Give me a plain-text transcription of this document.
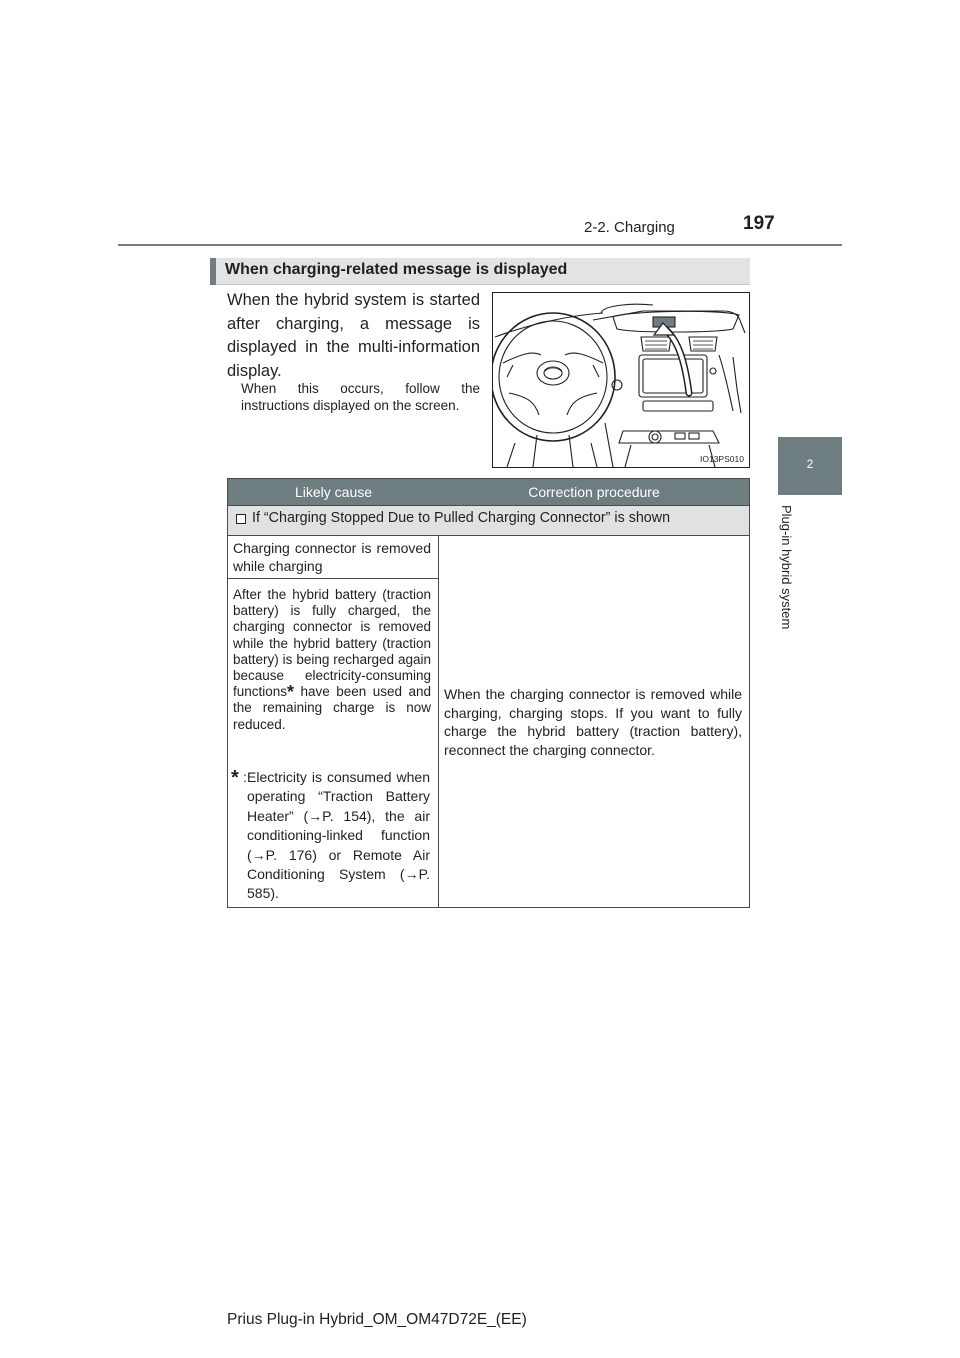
2-2. Charging	197
2
Plug-in hybrid system
When charging-related message is displayed
When the hybrid system is started after charging, a message is displayed in the multi-information display.
When this occurs, follow the instructions displayed on the screen.
IO13PS010
Likely cause	Correction procedure
If “Charging Stopped Due to Pulled Charging Connector” is shown
Charging connector is removed while charging
After the hybrid battery (traction battery) is fully charged, the charging connector is removed while the hybrid battery (traction battery) is being recharged again because electricity-consuming functions* have been used and the remaining charge is now reduced.
* : Electricity is consumed when operating “Traction Battery Heater” (→P. 154), the air conditioning-linked function (→P. 176) or Remote Air Conditioning System (→P. 585).
When the charging connector is removed while charging, charging stops. If you want to fully charge the hybrid battery (traction battery), reconnect the charging connector.
Prius Plug-in Hybrid_OM_OM47D72E_(EE)
